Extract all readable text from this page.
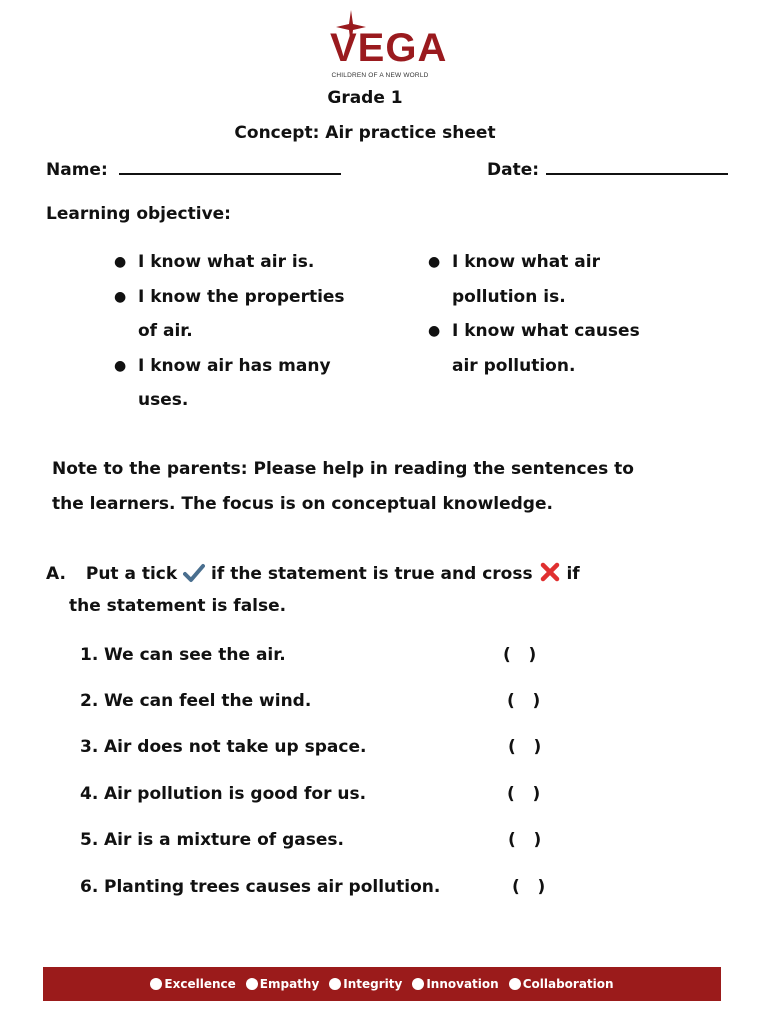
VEGA
CHILDREN OF A NEW WORLD
Grade 1
Concept: Air practice sheet
Name:	Date:
Learning objective:
● I know what air is.
● I know the properties of air.
● I know air has many uses.
● I know what air pollution is.
● I know what causes air pollution.
Note to the parents: Please help in reading the sentences to
the learners. The focus is on conceptual knowledge.
A. Put a tick if the statement is true and cross if
the statement is false.
1. We can see the air.	(   )
2. We can feel the wind.	(   )
3. Air does not take up space.	(   )
4. Air pollution is good for us.	(   )
5. Air is a mixture of gases.	(   )
6. Planting trees causes air pollution.	(   )
Excellence Empathy Integrity Innovation Collaboration
